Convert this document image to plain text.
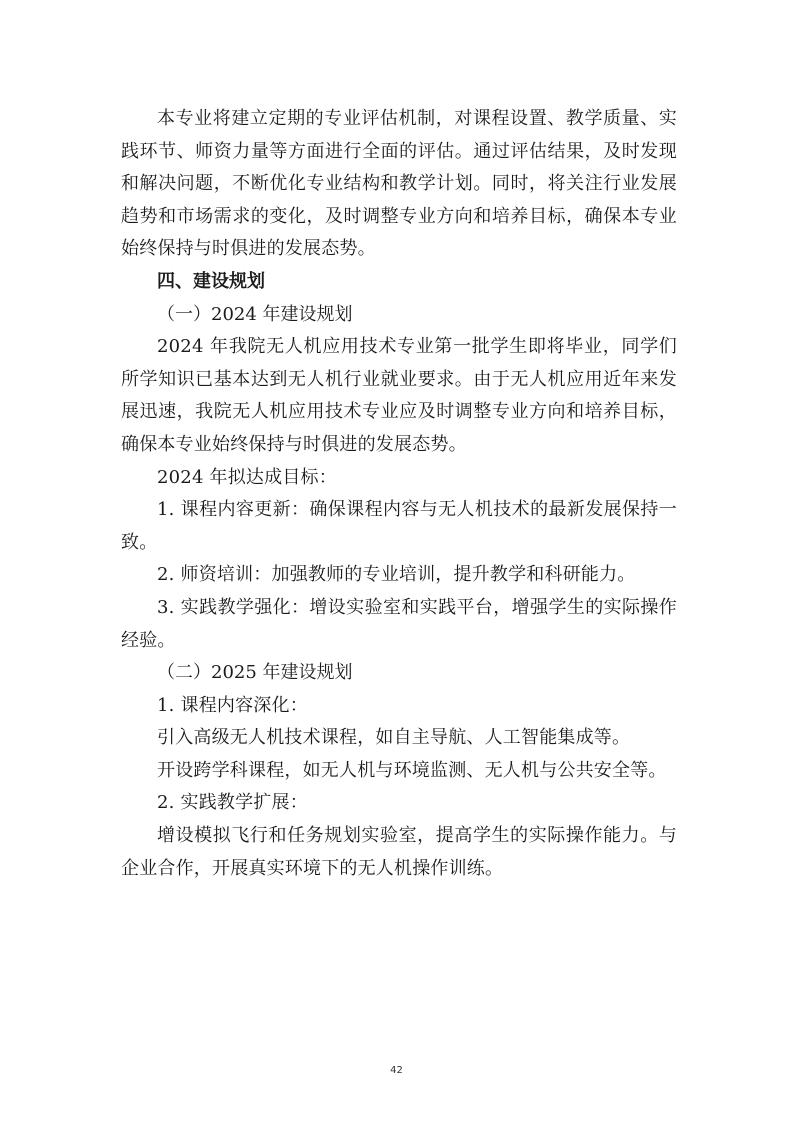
本专业将建立定期的专业评估机制，对课程设置、教学质量、实践环节、师资力量等方面进行全面的评估。通过评估结果，及时发现和解决问题，不断优化专业结构和教学计划。同时，将关注行业发展趋势和市场需求的变化，及时调整专业方向和培养目标，确保本专业始终保持与时俱进的发展态势。

四、建设规划

（一）2024 年建设规划

2024 年我院无人机应用技术专业第一批学生即将毕业，同学们所学知识已基本达到无人机行业就业要求。由于无人机应用近年来发展迅速，我院无人机应用技术专业应及时调整专业方向和培养目标，确保本专业始终保持与时俱进的发展态势。

2024 年拟达成目标：

1. 课程内容更新：确保课程内容与无人机技术的最新发展保持一致。

2. 师资培训：加强教师的专业培训，提升教学和科研能力。

3. 实践教学强化：增设实验室和实践平台，增强学生的实际操作经验。

（二）2025 年建设规划

1. 课程内容深化：

引入高级无人机技术课程，如自主导航、人工智能集成等。

开设跨学科课程，如无人机与环境监测、无人机与公共安全等。

2. 实践教学扩展：

增设模拟飞行和任务规划实验室，提高学生的实际操作能力。与企业合作，开展真实环境下的无人机操作训练。

42
